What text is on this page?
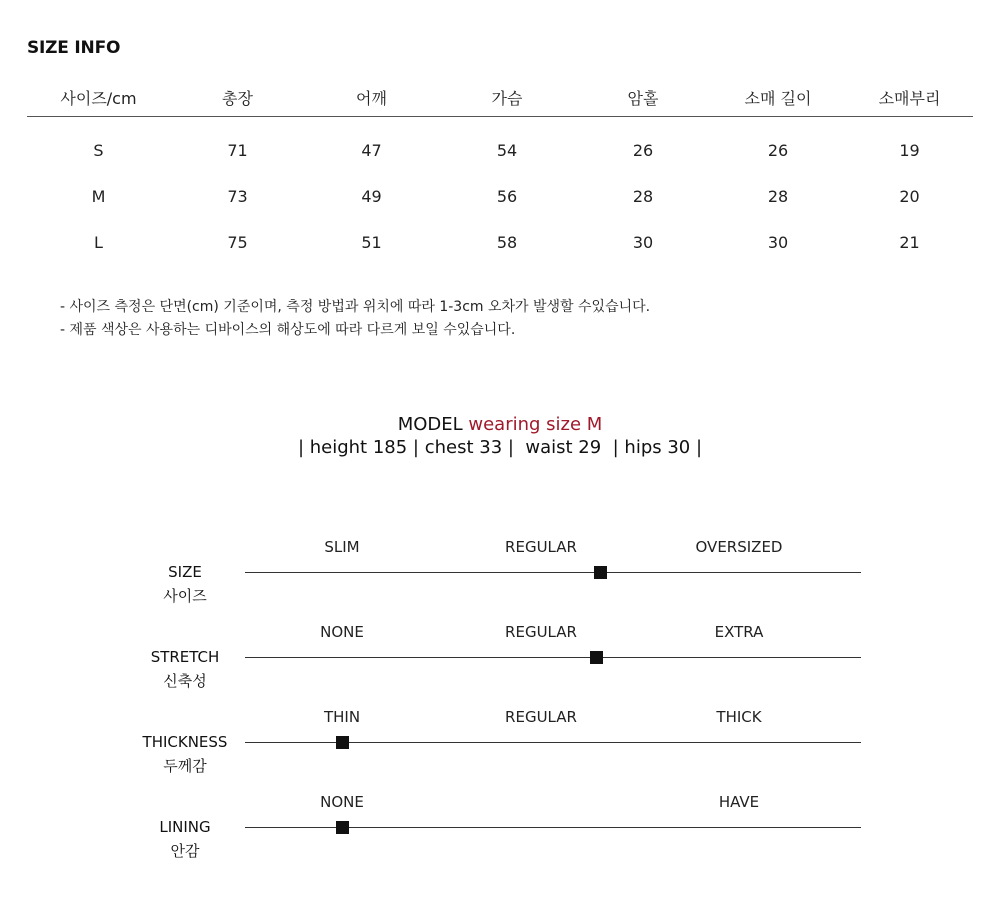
SIZE INFO
사이즈/cm	총장	어깨	가슴	암홀	소매 길이	소매부리
S	71	47	54	26	26	19
M	73	49	56	28	28	20
L	75	51	58	30	30	21
- 사이즈 측정은 단면(cm) 기준이며, 측정 방법과 위치에 따라 1-3cm 오차가 발생할 수있습니다.
- 제품 색상은 사용하는 디바이스의 해상도에 따라 다르게 보일 수있습니다.
MODEL wearing size M
| height 185 | chest 33 |  waist 29  | hips 30 |
SIZE
사이즈
SLIM	REGULAR	OVERSIZED
STRETCH
신축성
NONE	REGULAR	EXTRA
THICKNESS
두께감
THIN	REGULAR	THICK
LINING
안감
NONE	HAVE
